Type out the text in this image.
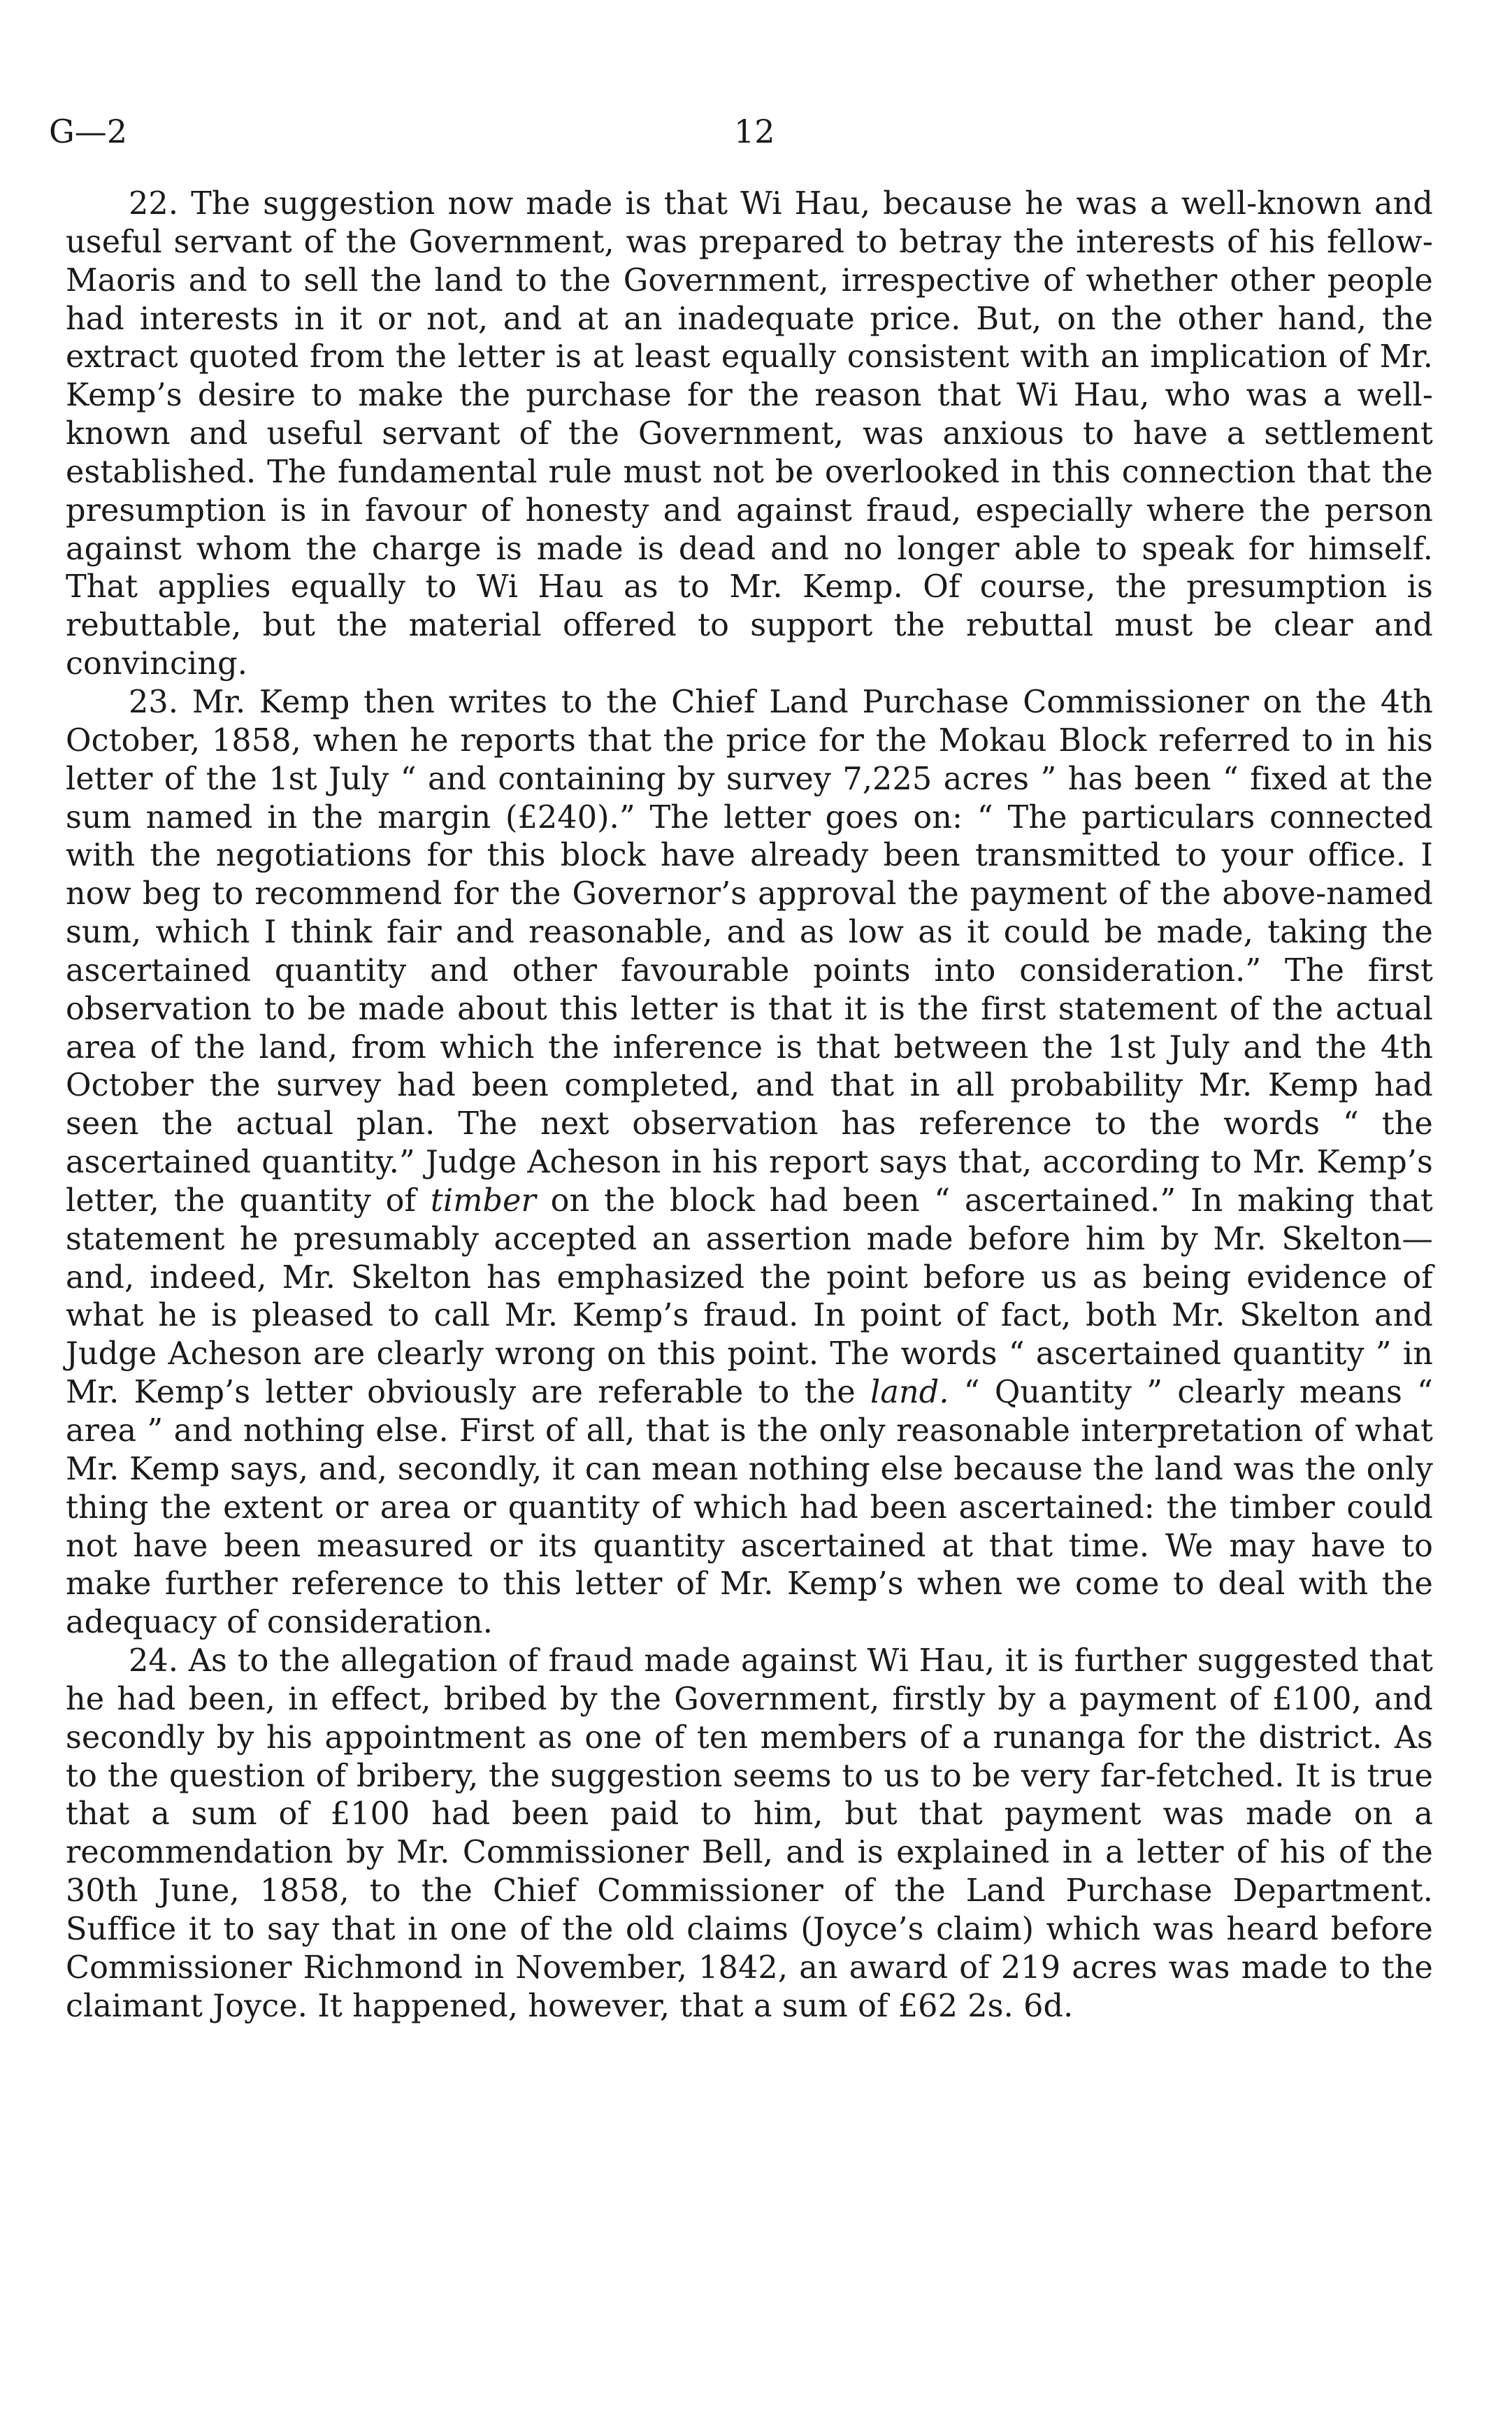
G—2	12

22. The suggestion now made is that Wi Hau, because he was a well-known and useful servant of the Government, was prepared to betray the interests of his fellow-Maoris and to sell the land to the Government, irrespective of whether other people had interests in it or not, and at an inadequate price. But, on the other hand, the extract quoted from the letter is at least equally consistent with an implication of Mr. Kemp’s desire to make the purchase for the reason that Wi Hau, who was a well-known and useful servant of the Government, was anxious to have a settlement established. The fundamental rule must not be overlooked in this connection that the presumption is in favour of honesty and against fraud, especially where the person against whom the charge is made is dead and no longer able to speak for himself. That applies equally to Wi Hau as to Mr. Kemp. Of course, the presumption is rebuttable, but the material offered to support the rebuttal must be clear and convincing.

23. Mr. Kemp then writes to the Chief Land Purchase Commissioner on the 4th October, 1858, when he reports that the price for the Mokau Block referred to in his letter of the 1st July “ and containing by survey 7,225 acres ” has been “ fixed at the sum named in the margin (£240).” The letter goes on: “ The particulars connected with the negotiations for this block have already been transmitted to your office. I now beg to recommend for the Governor’s approval the payment of the above-named sum, which I think fair and reasonable, and as low as it could be made, taking the ascertained quantity and other favourable points into consideration.” The first observation to be made about this letter is that it is the first statement of the actual area of the land, from which the inference is that between the 1st July and the 4th October the survey had been completed, and that in all probability Mr. Kemp had seen the actual plan. The next observation has reference to the words “ the ascertained quantity.” Judge Acheson in his report says that, according to Mr. Kemp’s letter, the quantity of timber on the block had been “ ascertained.” In making that statement he presumably accepted an assertion made before him by Mr. Skelton—and, indeed, Mr. Skelton has emphasized the point before us as being evidence of what he is pleased to call Mr. Kemp’s fraud. In point of fact, both Mr. Skelton and Judge Acheson are clearly wrong on this point. The words “ ascertained quantity ” in Mr. Kemp’s letter obviously are referable to the land. “ Quantity ” clearly means “ area ” and nothing else. First of all, that is the only reasonable interpretation of what Mr. Kemp says, and, secondly, it can mean nothing else because the land was the only thing the extent or area or quantity of which had been ascertained: the timber could not have been measured or its quantity ascertained at that time. We may have to make further reference to this letter of Mr. Kemp’s when we come to deal with the adequacy of consideration.

24. As to the allegation of fraud made against Wi Hau, it is further suggested that he had been, in effect, bribed by the Government, firstly by a payment of £100, and secondly by his appointment as one of ten members of a runanga for the district. As to the question of bribery, the suggestion seems to us to be very far-fetched. It is true that a sum of £100 had been paid to him, but that payment was made on a recommendation by Mr. Commissioner Bell, and is explained in a letter of his of the 30th June, 1858, to the Chief Commissioner of the Land Purchase Department. Suffice it to say that in one of the old claims (Joyce’s claim) which was heard before Commissioner Richmond in November, 1842, an award of 219 acres was made to the claimant Joyce. It happened, however, that a sum of £62 2s. 6d.
